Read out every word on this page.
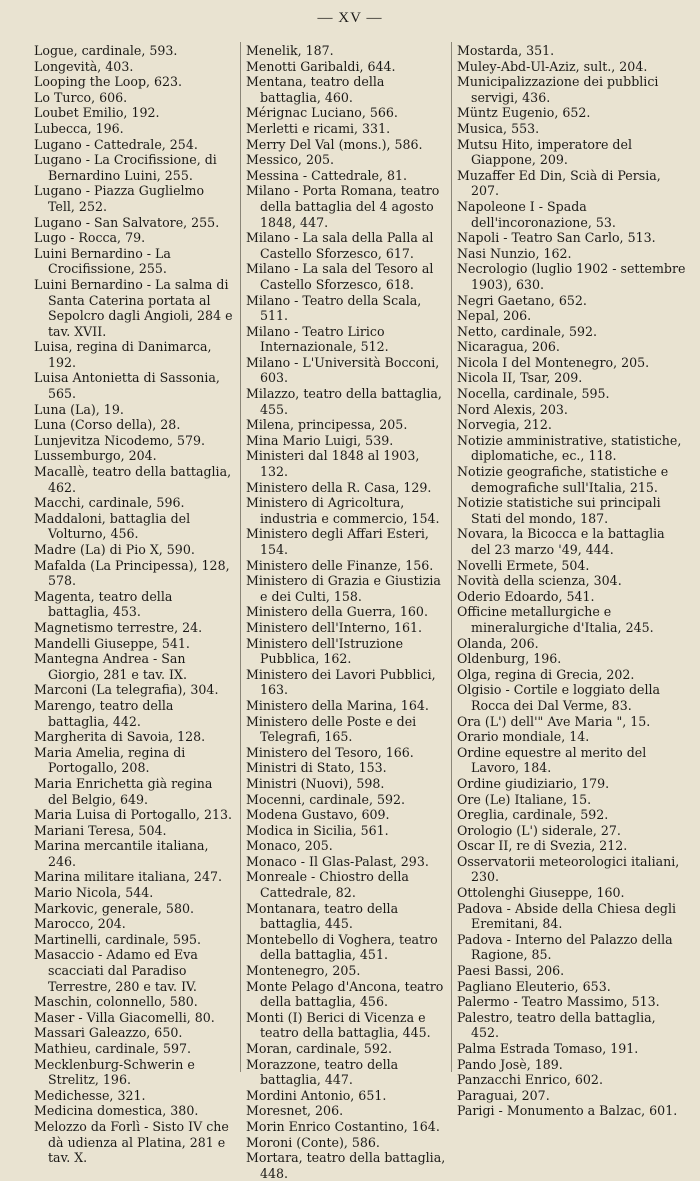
— XV —

Logue, cardinale, 593.

Longevità, 403.

Looping the Loop, 623.

Lo Turco, 606.

Loubet Emilio, 192.

Lubecca, 196.

Lugano - Cattedrale, 254.

Lugano - La Crocifissione, di Bernardino Luini, 255.

Lugano - Piazza Guglielmo Tell, 252.

Lugano - San Salvatore, 255.

Lugo - Rocca, 79.

Luini Bernardino - La Crocifissione, 255.

Luini Bernardino - La salma di Santa Caterina portata al Sepolcro dagli Angioli, 284 e tav. XVII.

Luisa, regina di Danimarca, 192.

Luisa Antonietta di Sassonia, 565.

Luna (La), 19.

Luna (Corso della), 28.

Lunjevitza Nicodemo, 579.

Lussemburgo, 204.

Macallè, teatro della battaglia, 462.

Macchi, cardinale, 596.

Maddaloni, battaglia del Volturno, 456.

Madre (La) di Pio X, 590.

Mafalda (La Principessa), 128, 578.

Magenta, teatro della battaglia, 453.

Magnetismo terrestre, 24.

Mandelli Giuseppe, 541.

Mantegna Andrea - San Giorgio, 281 e tav. IX.

Marconi (La telegrafia), 304.

Marengo, teatro della battaglia, 442.

Margherita di Savoia, 128.

Maria Amelia, regina di Portogallo, 208.

Maria Enrichetta già regina del Belgio, 649.

Maria Luisa di Portogallo, 213.

Mariani Teresa, 504.

Marina mercantile italiana, 246.

Marina militare italiana, 247.

Mario Nicola, 544.

Markovic, generale, 580.

Marocco, 204.

Martinelli, cardinale, 595.

Masaccio - Adamo ed Eva scacciati dal Paradiso Terrestre, 280 e tav. IV.

Maschin, colonnello, 580.

Maser - Villa Giacomelli, 80.

Massari Galeazzo, 650.

Mathieu, cardinale, 597.

Mecklenburg-Schwerin e Strelitz, 196.

Medichesse, 321.

Medicina domestica, 380.

Melozzo da Forlì - Sisto IV che dà udienza al Platina, 281 e tav. X.

Menelik, 187.

Menotti Garibaldi, 644.

Mentana, teatro della battaglia, 460.

Mérignac Luciano, 566.

Merletti e ricami, 331.

Merry Del Val (mons.), 586.

Messico, 205.

Messina - Cattedrale, 81.

Milano - Porta Romana, teatro della battaglia del 4 agosto 1848, 447.

Milano - La sala della Palla al Castello Sforzesco, 617.

Milano - La sala del Tesoro al Castello Sforzesco, 618.

Milano - Teatro della Scala, 511.

Milano - Teatro Lirico Internazionale, 512.

Milano - L'Università Bocconi, 603.

Milazzo, teatro della battaglia, 455.

Milena, principessa, 205.

Mina Mario Luigi, 539.

Ministeri dal 1848 al 1903, 132.

Ministero della R. Casa, 129.

Ministero di Agricoltura, industria e commercio, 154.

Ministero degli Affari Esteri, 154.

Ministero delle Finanze, 156.

Ministero di Grazia e Giustizia e dei Culti, 158.

Ministero della Guerra, 160.

Ministero dell'Interno, 161.

Ministero dell'Istruzione Pubblica, 162.

Ministero dei Lavori Pubblici, 163.

Ministero della Marina, 164.

Ministero delle Poste e dei Telegrafi, 165.

Ministero del Tesoro, 166.

Ministri di Stato, 153.

Ministri (Nuovi), 598.

Mocenni, cardinale, 592.

Modena Gustavo, 609.

Modica in Sicilia, 561.

Monaco, 205.

Monaco - Il Glas-Palast, 293.

Monreale - Chiostro della Cattedrale, 82.

Montanara, teatro della battaglia, 445.

Montebello di Voghera, teatro della battaglia, 451.

Montenegro, 205.

Monte Pelago d'Ancona, teatro della battaglia, 456.

Monti (I) Berici di Vicenza e teatro della battaglia, 445.

Moran, cardinale, 592.

Morazzone, teatro della battaglia, 447.

Mordini Antonio, 651.

Moresnet, 206.

Morin Enrico Costantino, 164.

Moroni (Conte), 586.

Mortara, teatro della battaglia, 448.

Mostarda, 351.

Muley-Abd-Ul-Aziz, sult., 204.

Municipalizzazione dei pubblici servigi, 436.

Müntz Eugenio, 652.

Musica, 553.

Mutsu Hito, imperatore del Giappone, 209.

Muzaffer Ed Din, Scià di Persia, 207.

Napoleone I - Spada dell'incoronazione, 53.

Napoli - Teatro San Carlo, 513.

Nasi Nunzio, 162.

Necrologio (luglio 1902 - settembre 1903), 630.

Negri Gaetano, 652.

Nepal, 206.

Netto, cardinale, 592.

Nicaragua, 206.

Nicola I del Montenegro, 205.

Nicola II, Tsar, 209.

Nocella, cardinale, 595.

Nord Alexis, 203.

Norvegia, 212.

Notizie amministrative, statistiche, diplomatiche, ec., 118.

Notizie geografiche, statistiche e demografiche sull'Italia, 215.

Notizie statistiche sui principali Stati del mondo, 187.

Novara, la Bicocca e la battaglia del 23 marzo '49, 444.

Novelli Ermete, 504.

Novità della scienza, 304.

Oderio Edoardo, 541.

Officine metallurgiche e mineralurgiche d'Italia, 245.

Olanda, 206.

Oldenburg, 196.

Olga, regina di Grecia, 202.

Olgisio - Cortile e loggiato della Rocca dei Dal Verme, 83.

Ora (L') dell'" Ave Maria ", 15.

Orario mondiale, 14.

Ordine equestre al merito del Lavoro, 184.

Ordine giudiziario, 179.

Ore (Le) Italiane, 15.

Oreglia, cardinale, 592.

Orologio (L') siderale, 27.

Oscar II, re di Svezia, 212.

Osservatorii meteorologici italiani, 230.

Ottolenghi Giuseppe, 160.

Padova - Abside della Chiesa degli Eremitani, 84.

Padova - Interno del Palazzo della Ragione, 85.

Paesi Bassi, 206.

Pagliano Eleuterio, 653.

Palermo - Teatro Massimo, 513.

Palestro, teatro della battaglia, 452.

Palma Estrada Tomaso, 191.

Pando Josè, 189.

Panzacchi Enrico, 602.

Paraguai, 207.

Parigi - Monumento a Balzac, 601.
